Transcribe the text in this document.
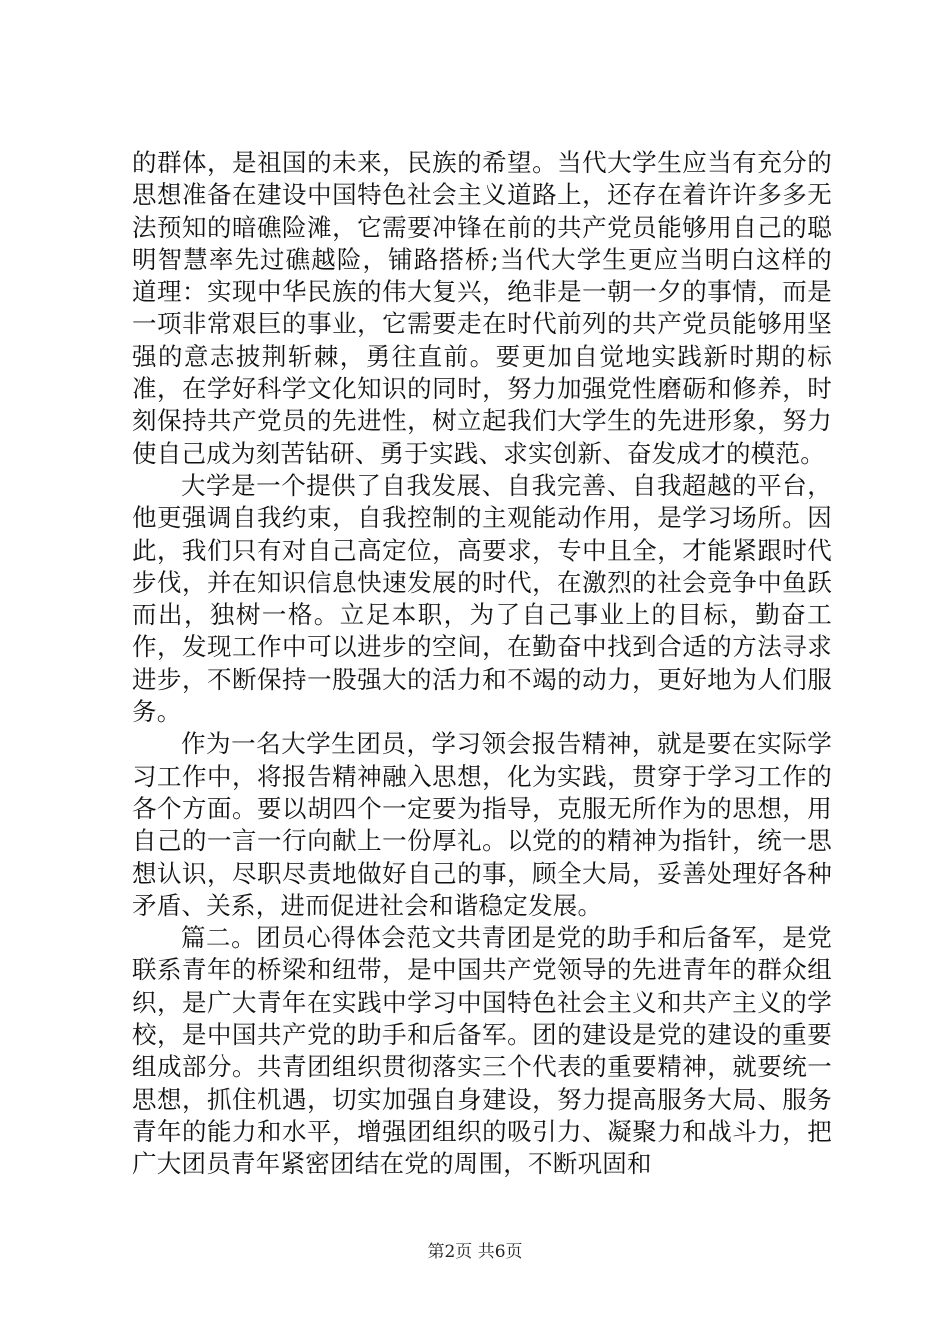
的群体，是祖国的未来，民族的希望。当代大学生应当有充分的思想准备在建设中国特色社会主义道路上，还存在着许许多多无法预知的暗礁险滩，它需要冲锋在前的共产党员能够用自己的聪明智慧率先过礁越险，铺路搭桥;当代大学生更应当明白这样的道理：实现中华民族的伟大复兴，绝非是一朝一夕的事情，而是一项非常艰巨的事业，它需要走在时代前列的共产党员能够用坚强的意志披荆斩棘，勇往直前。要更加自觉地实践新时期的标准，在学好科学文化知识的同时，努力加强党性磨砺和修养，时刻保持共产党员的先进性，树立起我们大学生的先进形象，努力使自己成为刻苦钻研、勇于实践、求实创新、奋发成才的模范。

大学是一个提供了自我发展、自我完善、自我超越的平台，他更强调自我约束，自我控制的主观能动作用，是学习场所。因此，我们只有对自己高定位，高要求，专中且全，才能紧跟时代步伐，并在知识信息快速发展的时代，在激烈的社会竞争中鱼跃而出，独树一格。立足本职，为了自己事业上的目标，勤奋工作，发现工作中可以进步的空间，在勤奋中找到合适的方法寻求进步，不断保持一股强大的活力和不竭的动力，更好地为人们服务。

作为一名大学生团员，学习领会报告精神，就是要在实际学习工作中，将报告精神融入思想，化为实践，贯穿于学习工作的各个方面。要以胡四个一定要为指导，克服无所作为的思想，用自己的一言一行向献上一份厚礼。以党的的精神为指针，统一思想认识，尽职尽责地做好自己的事，顾全大局，妥善处理好各种矛盾、关系，进而促进社会和谐稳定发展。

篇二。团员心得体会范文共青团是党的助手和后备军，是党联系青年的桥梁和纽带，是中国共产党领导的先进青年的群众组织，是广大青年在实践中学习中国特色社会主义和共产主义的学校，是中国共产党的助手和后备军。团的建设是党的建设的重要组成部分。共青团组织贯彻落实三个代表的重要精神，就要统一思想，抓住机遇，切实加强自身建设，努力提高服务大局、服务青年的能力和水平，增强团组织的吸引力、凝聚力和战斗力，把广大团员青年紧密团结在党的周围，不断巩固和

第2页 共6页
